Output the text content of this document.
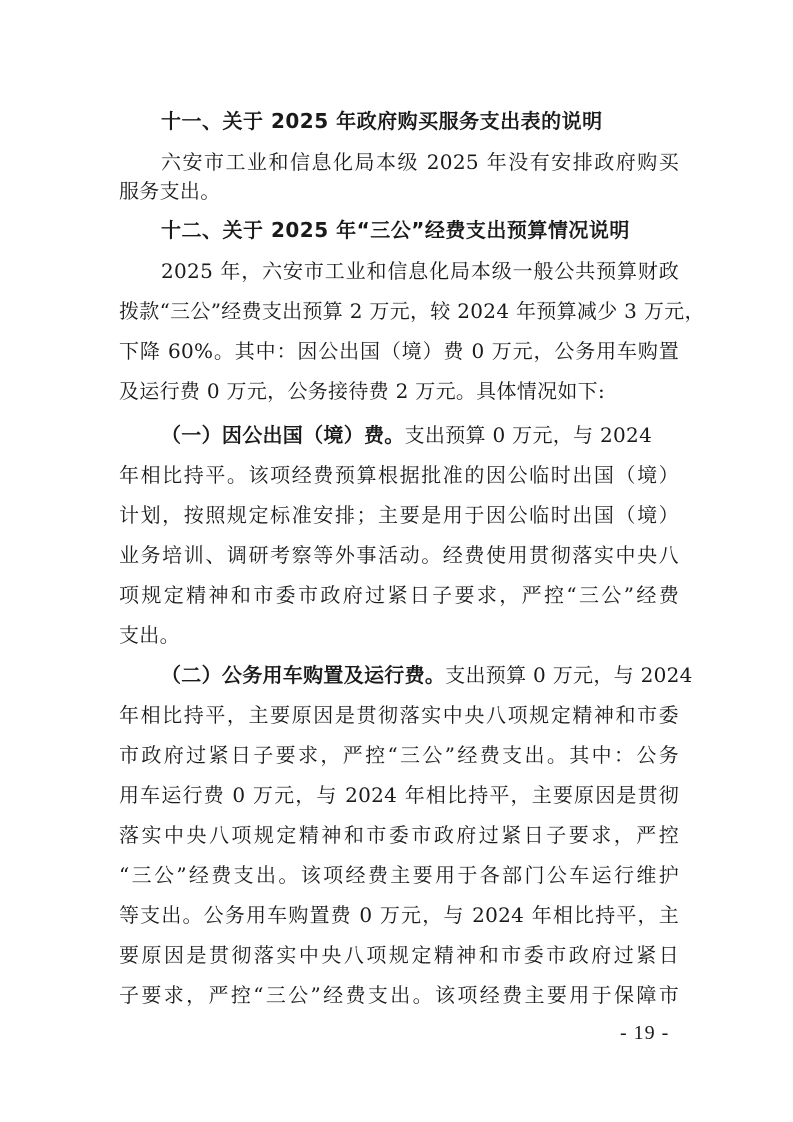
十一、关于 2025 年政府购买服务支出表的说明
六安市工业和信息化局本级 2025 年没有安排政府购买
服务支出。
十二、关于 2025 年“三公”经费支出预算情况说明
2025 年，六安市工业和信息化局本级一般公共预算财政
拨款“三公”经费支出预算 2 万元，较 2024 年预算减少 3 万元，
下降 60%。其中：因公出国（境）费 0 万元，公务用车购置
及运行费 0 万元，公务接待费 2 万元。具体情况如下:
（一）因公出国（境）费。支出预算 0 万元，与 2024
年相比持平。该项经费预算根据批准的因公临时出国（境）
计划，按照规定标准安排；主要是用于因公临时出国（境）
业务培训、调研考察等外事活动。经费使用贯彻落实中央八
项规定精神和市委市政府过紧日子要求，严控“三公”经费
支出。
（二）公务用车购置及运行费。支出预算 0 万元，与 2024
年相比持平，主要原因是贯彻落实中央八项规定精神和市委
市政府过紧日子要求，严控“三公”经费支出。其中：公务
用车运行费 0 万元，与 2024 年相比持平，主要原因是贯彻
落实中央八项规定精神和市委市政府过紧日子要求，严控
“三公”经费支出。该项经费主要用于各部门公车运行维护
等支出。公务用车购置费 0 万元，与 2024 年相比持平，主
要原因是贯彻落实中央八项规定精神和市委市政府过紧日
子要求，严控“三公”经费支出。该项经费主要用于保障市
- 19 -
